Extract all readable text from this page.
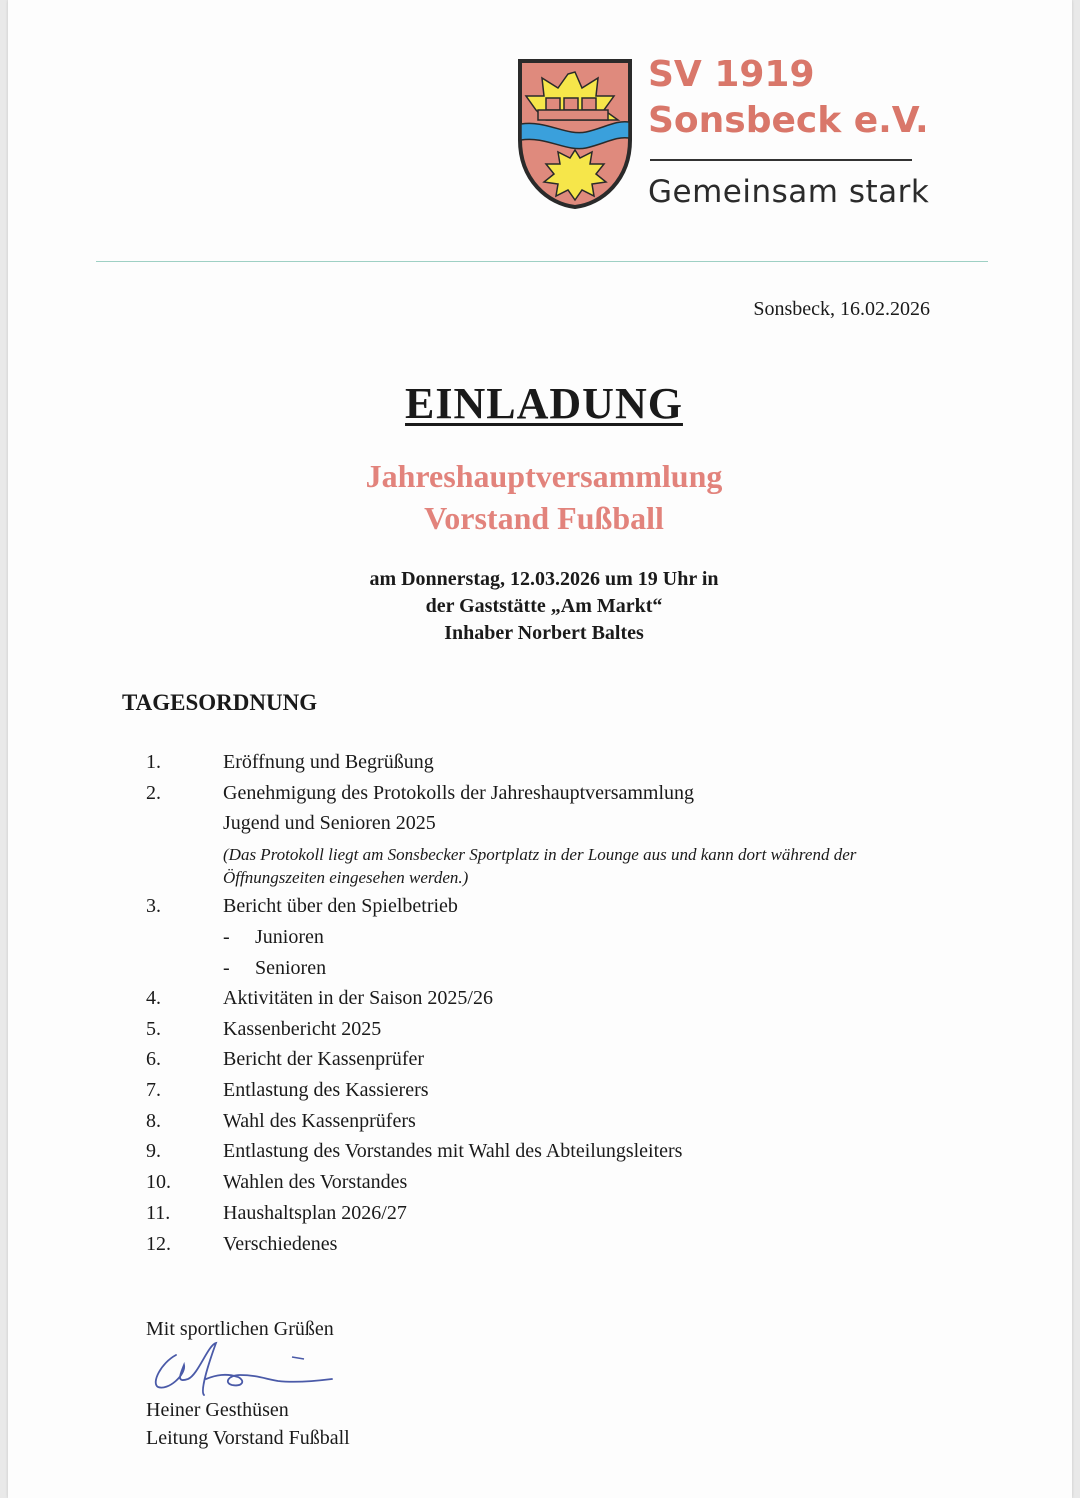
SV 1919
Sonsbeck e.V.
Gemeinsam stark
Sonsbeck, 16.02.2026
EINLADUNG
Jahreshauptversammlung
Vorstand Fußball
am Donnerstag, 12.03.2026 um 19 Uhr in
der Gaststätte „Am Markt“
Inhaber Norbert Baltes
TAGESORDNUNG
1.	Eröffnung und Begrüßung
2.	Genehmigung des Protokolls der Jahreshauptversammlung
Jugend und Senioren 2025
(Das Protokoll liegt am Sonsbecker Sportplatz in der Lounge aus und kann dort während der Öffnungszeiten eingesehen werden.)
3.	Bericht über den Spielbetrieb
- Junioren
- Senioren
4.	Aktivitäten in der Saison 2025/26
5.	Kassenbericht 2025
6.	Bericht der Kassenprüfer
7.	Entlastung des Kassierers
8.	Wahl des Kassenprüfers
9.	Entlastung des Vorstandes mit Wahl des Abteilungsleiters
10.	Wahlen des Vorstandes
11.	Haushaltsplan 2026/27
12.	Verschiedenes
Mit sportlichen Grüßen
Heiner Gesthüsen
Leitung Vorstand Fußball
